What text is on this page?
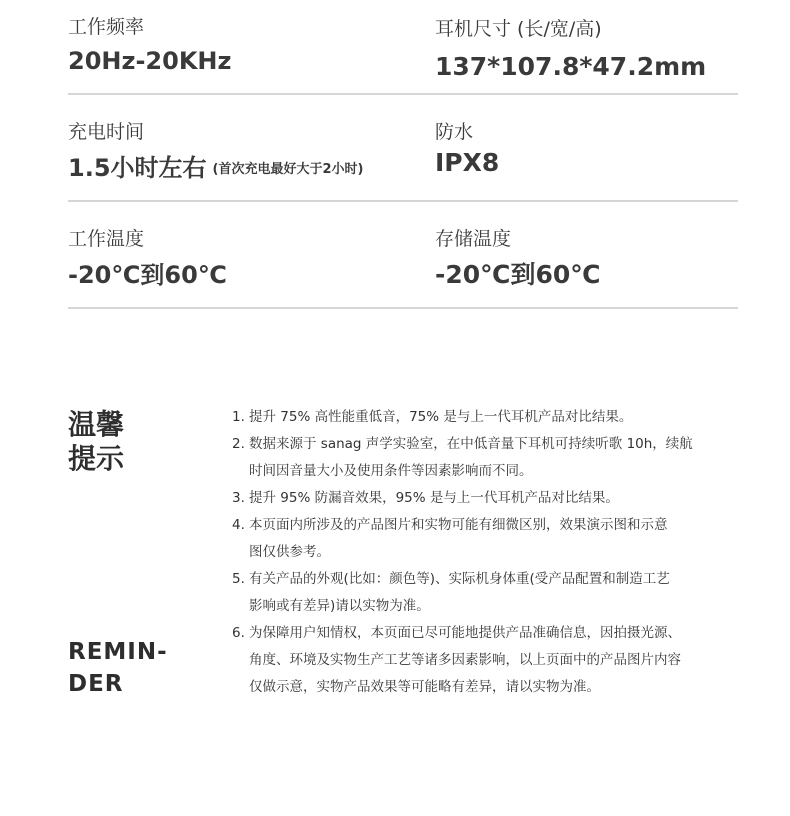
工作频率
20Hz-20KHz
耳机尺寸 (长/宽/高)
137*107.8*47.2mm
充电时间
1.5小时左右 (首次充电最好大于2小时)
防水
IPX8
工作温度
-20℃到60℃
存储温度
-20℃到60℃
温馨
提示
REMIN-
DER
1. 提升 75% 高性能重低音，75% 是与上一代耳机产品对比结果。
2. 数据来源于 sanag 声学实验室，在中低音量下耳机可持续听歌 10h，续航
时间因音量大小及使用条件等因素影响而不同。
3. 提升 95% 防漏音效果，95% 是与上一代耳机产品对比结果。
4. 本页面内所涉及的产品图片和实物可能有细微区别，效果演示图和示意
图仅供参考。
5. 有关产品的外观(比如：颜色等)、实际机身体重(受产品配置和制造工艺
影响或有差异)请以实物为准。
6. 为保障用户知情权，本页面已尽可能地提供产品准确信息，因拍摄光源、
角度、环境及实物生产工艺等诸多因素影响，以上页面中的产品图片内容
仅做示意，实物产品效果等可能略有差异，请以实物为准。
